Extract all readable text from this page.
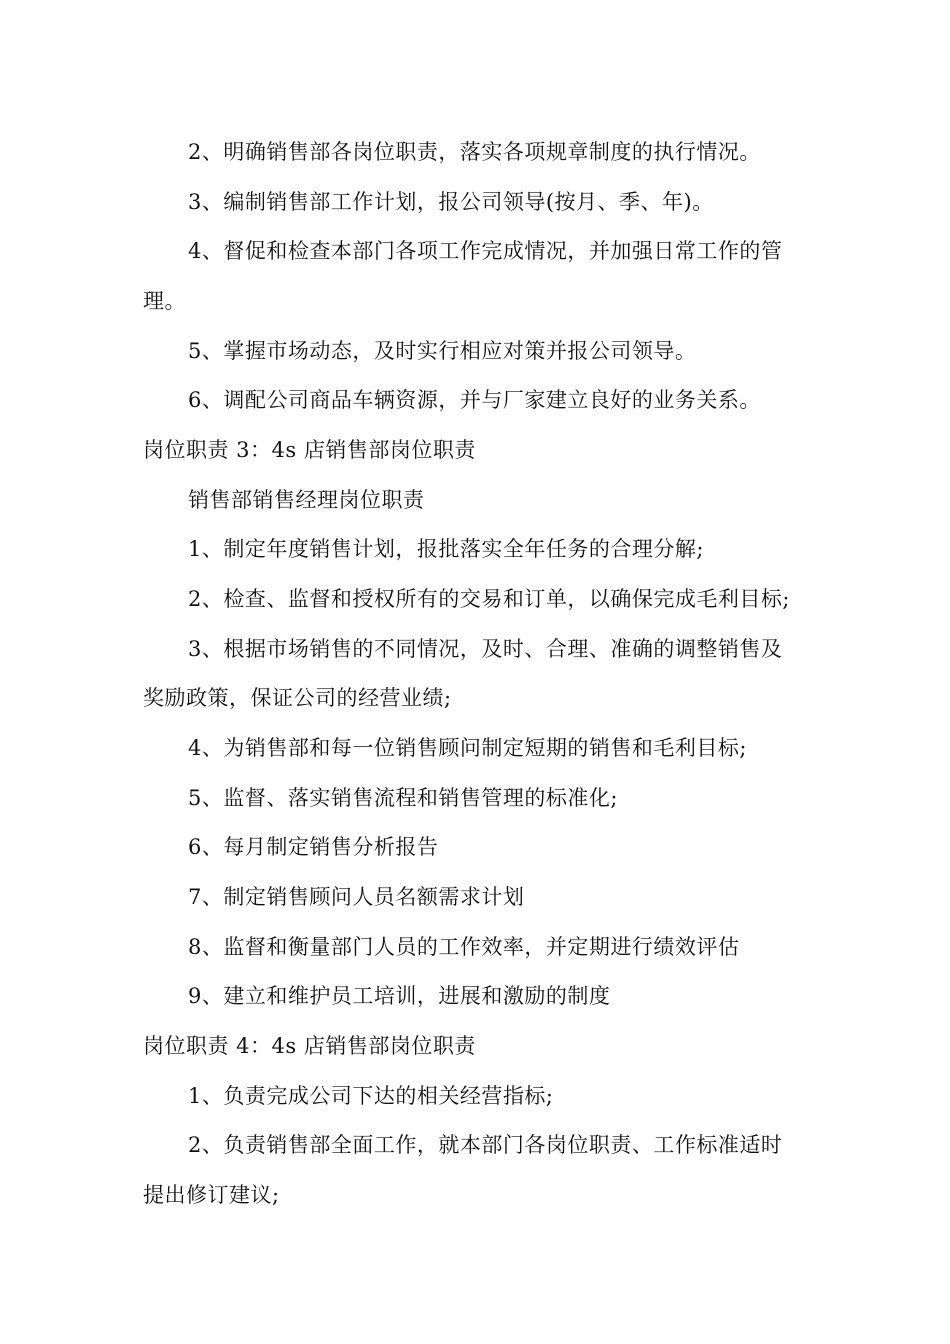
2、明确销售部各岗位职责，落实各项规章制度的执行情况。
3、编制销售部工作计划，报公司领导(按月、季、年)。
4、督促和检查本部门各项工作完成情况，并加强日常工作的管
理。
5、掌握市场动态，及时实行相应对策并报公司领导。
6、调配公司商品车辆资源，并与厂家建立良好的业务关系。
岗位职责 3：4s 店销售部岗位职责
销售部销售经理岗位职责
1、制定年度销售计划，报批落实全年任务的合理分解;
2、检查、监督和授权所有的交易和订单，以确保完成毛利目标;
3、根据市场销售的不同情况，及时、合理、准确的调整销售及
奖励政策，保证公司的经营业绩;
4、为销售部和每一位销售顾问制定短期的销售和毛利目标;
5、监督、落实销售流程和销售管理的标准化;
6、每月制定销售分析报告
7、制定销售顾问人员名额需求计划
8、监督和衡量部门人员的工作效率，并定期进行绩效评估
9、建立和维护员工培训，进展和激励的制度
岗位职责 4：4s 店销售部岗位职责
1、负责完成公司下达的相关经营指标;
2、负责销售部全面工作，就本部门各岗位职责、工作标准适时
提出修订建议;
